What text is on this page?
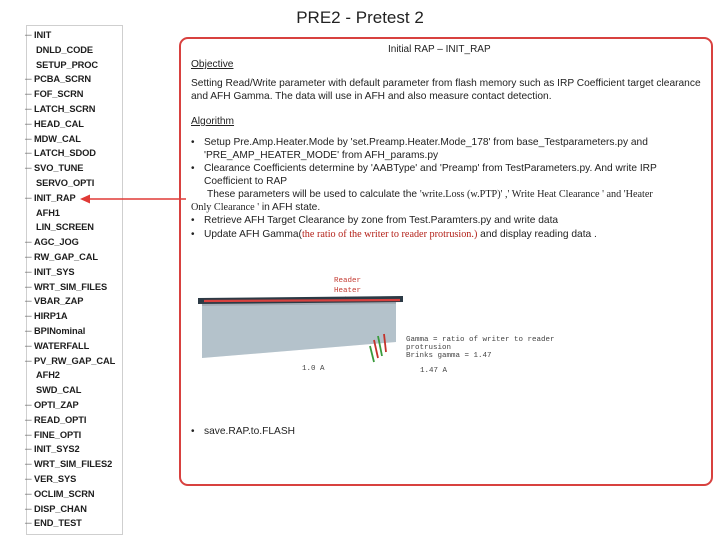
PRE2 - Pretest 2
─ INIT
DNLD_CODE
SETUP_PROC
─ PCBA_SCRN
─ FOF_SCRN
─ LATCH_SCRN
─ HEAD_CAL
─ MDW_CAL
─ LATCH_SDOD
─ SVO_TUNE
SERVO_OPTI
─ INIT_RAP
AFH1
LIN_SCREEN
─ AGC_JOG
─ RW_GAP_CAL
─ INIT_SYS
─ WRT_SIM_FILES
─ VBAR_ZAP
─ HIRP1A
─ BPINominal
─ WATERFALL
─ PV_RW_GAP_CAL
AFH2
SWD_CAL
─ OPTI_ZAP
─ READ_OPTI
─ FINE_OPTI
─ INIT_SYS2
─ WRT_SIM_FILES2
─ VER_SYS
─ OCLIM_SCRN
─ DISP_CHAN
─ END_TEST
Initial RAP – INIT_RAP
Objective
Setting Read/Write parameter with default parameter from flash memory such as IRP Coefficient target clearance and AFH Gamma. The data will use in AFH and also measure contact detection.
Algorithm
• Setup Pre.Amp.Heater.Mode by 'set.Preamp.Heater.Mode_178' from base_Testparameters.py and
'PRE_AMP_HEATER_MODE' from AFH_params.py
• Clearance Coefficients determine by 'AABType' and 'Preamp' from TestParameters.py. And write IRP
Coefficient to RAP
These parameters will be used to calculate the 'write.Loss (w.PTP)' ,' Write Heat Clearance ' and 'Heater
Only Clearance ' in AFH state.
• Retrieve AFH Target Clearance by zone from Test.Paramters.py and write data
• Update AFH Gamma(the ratio of the writer to reader protrusion.) and display reading data .
Reader
Heater
Gamma = ratio of writer to reader
protrusion
Brinks gamma = 1.47
1.0 A	1.47 A
• save.RAP.to.FLASH
